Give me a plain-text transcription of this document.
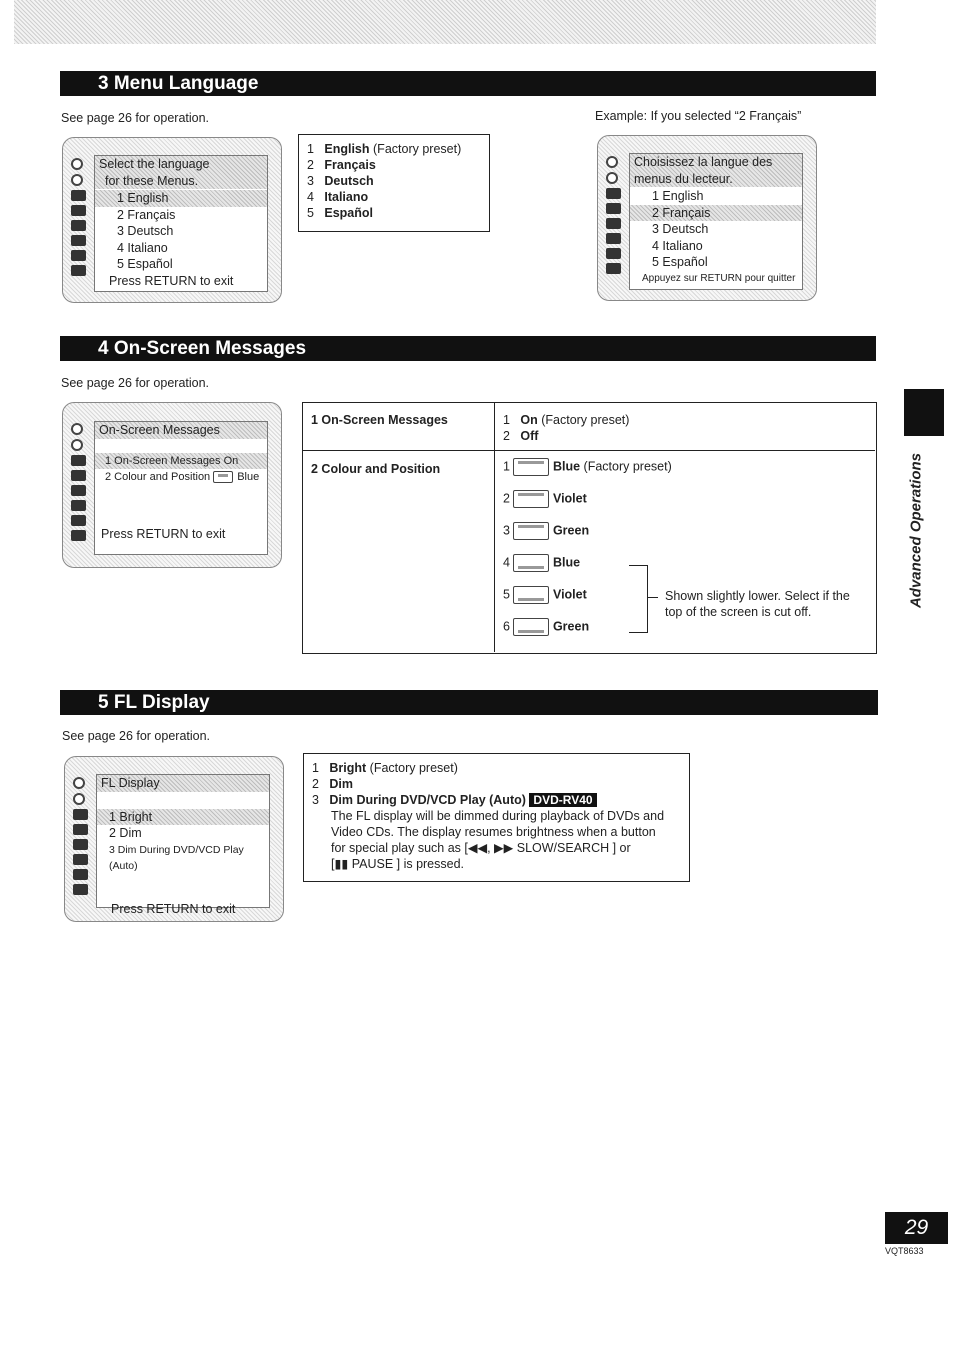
3 Menu Language
See page 26 for operation.	Example: If you selected “2 Français”
Select the language
for these Menus.
1 English
2 Français
3 Deutsch
4 Italiano
5 Español
Press RETURN to exit
1 English (Factory preset)
2 Français
3 Deutsch
4 Italiano
5 Español
Choisissez la langue des
menus du lecteur.
1 English
2 Français
3 Deutsch
4 Italiano
5 Español
Appuyez sur RETURN pour quitter
4 On-Screen Messages
See page 26 for operation.
On-Screen Messages
1 On-Screen Messages On
2 Colour and Position Blue
Press RETURN to exit
1 On-Screen Messages	1 On (Factory preset)
2 Off
2 Colour and Position	1	Blue (Factory preset)
2	Violet
3	Green
4	Blue
5	Violet
6	Green
Shown slightly lower. Select if the top of the screen is cut off.
Advanced Operations
5 FL Display
See page 26 for operation.
FL Display
1 Bright
2 Dim
3 Dim During DVD/VCD Play (Auto)
Press RETURN to exit
1 Bright (Factory preset)
2 Dim
3 Dim During DVD/VCD Play (Auto) DVD-RV40
The FL display will be dimmed during playback of DVDs and
Video CDs. The display resumes brightness when a button
for special play such as [◀◀, ▶▶ SLOW/SEARCH ] or
[▮▮ PAUSE ] is pressed.
29
VQT8633
